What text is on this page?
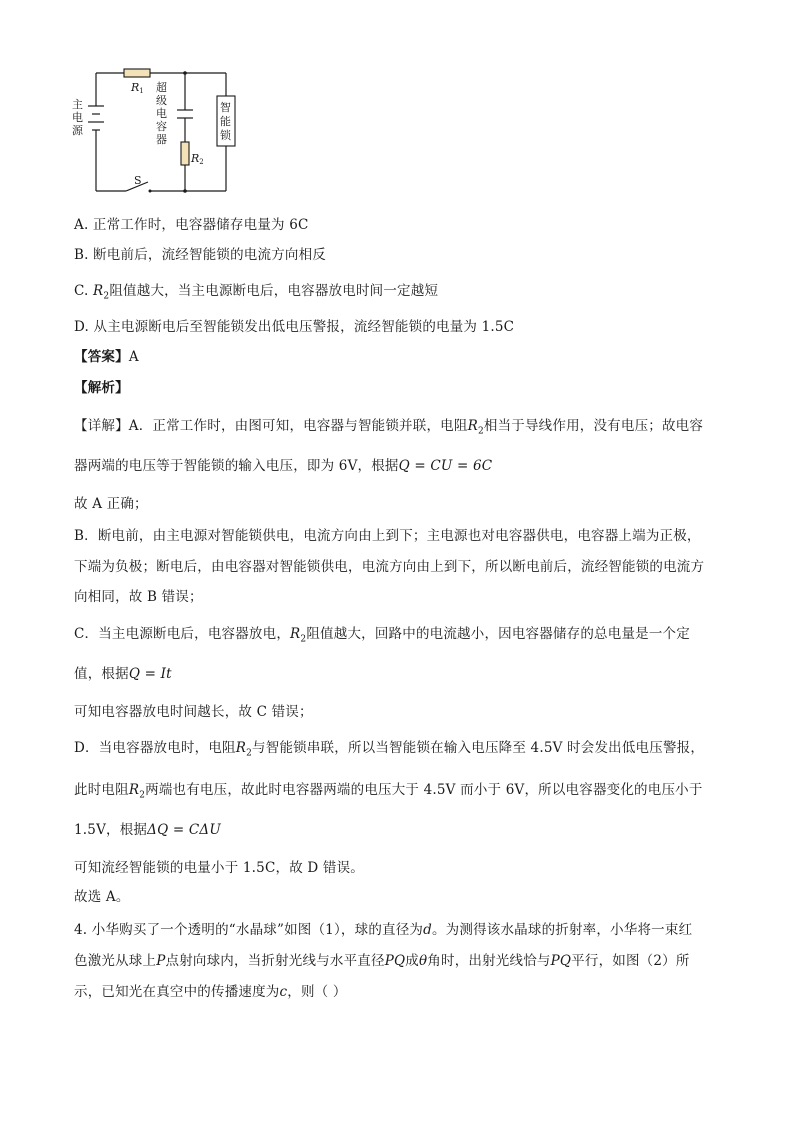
R1
R2
S
主
电
源
超
级
电
容
器
智
能
锁
A. 正常工作时，电容器储存电量为 6C
B. 断电前后，流经智能锁的电流方向相反
C. $R_2$阻值越大，当主电源断电后，电容器放电时间一定越短
D. 从主电源断电后至智能锁发出低电压警报，流经智能锁的电量为 1.5C
【答案】A
【解析】
【详解】A．正常工作时，由图可知，电容器与智能锁并联，电阻$R_2$相当于导线作用，没有电压；故电容
器两端的电压等于智能锁的输入电压，即为 6V，根据Q = CU = 6C
故 A 正确；
B．断电前，由主电源对智能锁供电，电流方向由上到下；主电源也对电容器供电，电容器上端为正极，
下端为负极；断电后，由电容器对智能锁供电，电流方向由上到下，所以断电前后，流经智能锁的电流方
向相同，故 B 错误；
C．当主电源断电后，电容器放电，$R_2$阻值越大，回路中的电流越小，因电容器储存的总电量是一个定
值，根据Q = It
可知电容器放电时间越长，故 C 错误；
D．当电容器放电时，电阻$R_2$与智能锁串联，所以当智能锁在输入电压降至 4.5V 时会发出低电压警报，
此时电阻$R_2$两端也有电压，故此时电容器两端的电压大于 4.5V 而小于 6V，所以电容器变化的电压小于
1.5V，根据ΔQ = CΔU
可知流经智能锁的电量小于 1.5C，故 D 错误。
故选 A。
4. 小华购买了一个透明的“水晶球”如图（1），球的直径为d。为测得该水晶球的折射率，小华将一束红
色激光从球上P点射向球内，当折射光线与水平直径PQ成θ角时，出射光线恰与PQ平行，如图（2）所
示，已知光在真空中的传播速度为c，则（ ）
